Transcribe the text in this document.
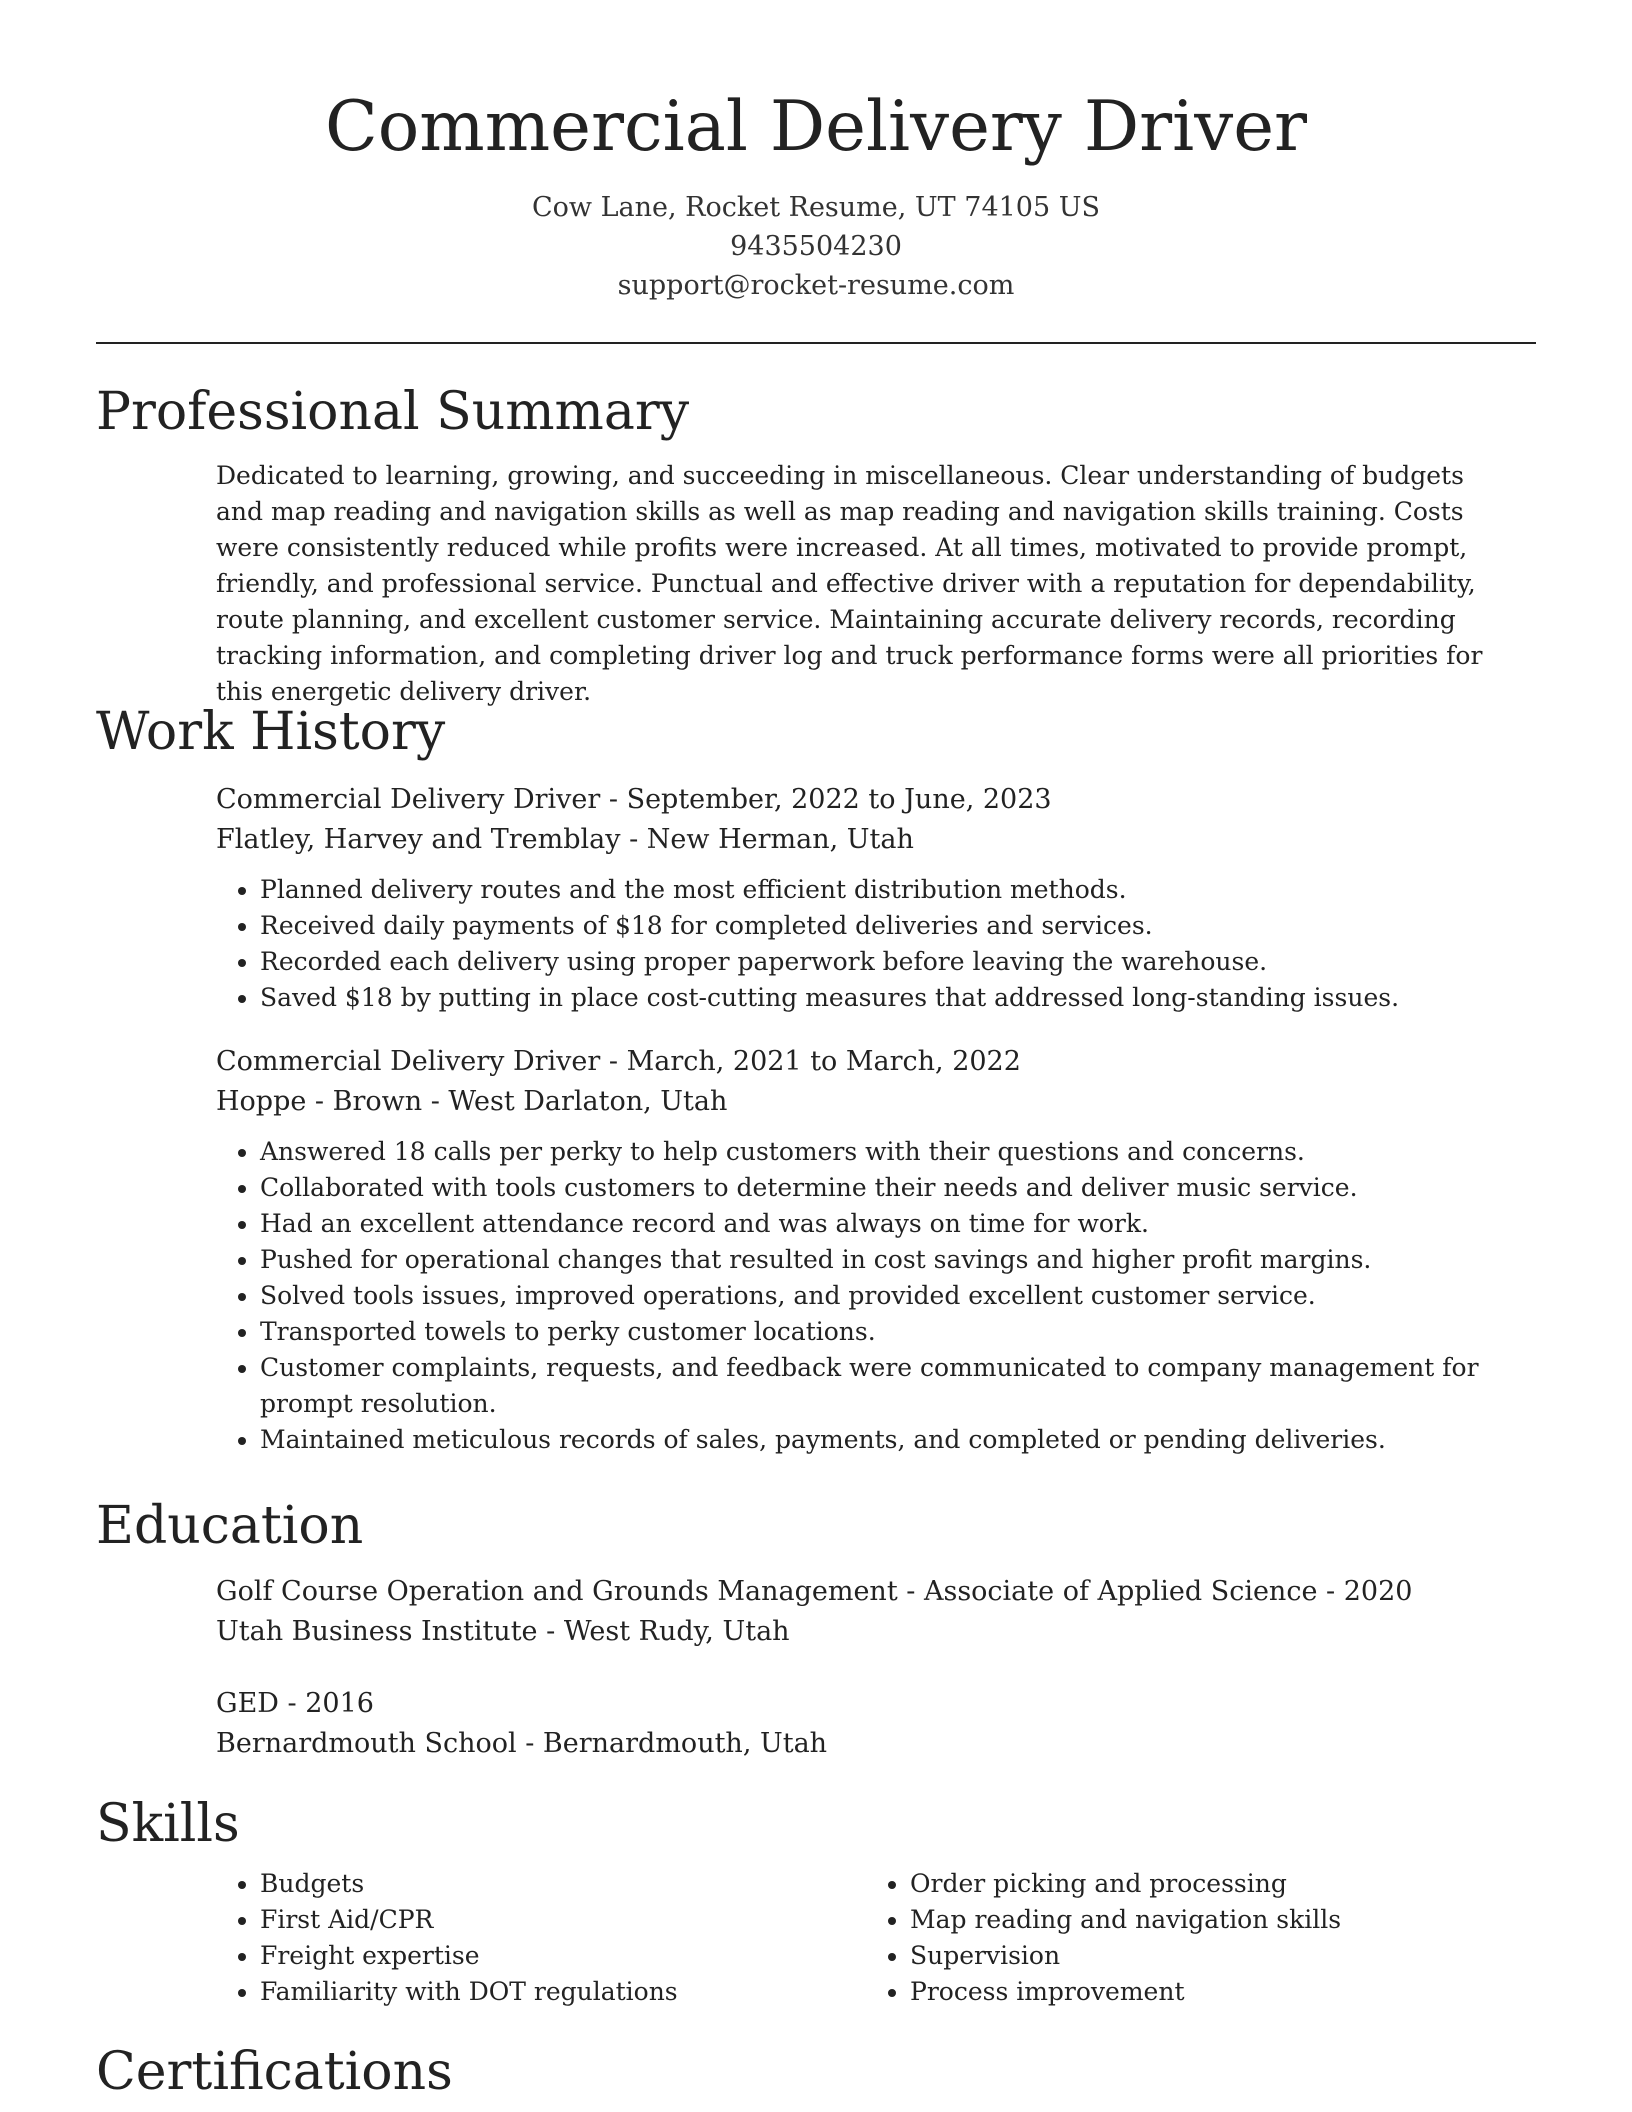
Commercial Delivery Driver
Cow Lane, Rocket Resume, UT 74105 US
9435504230
support@rocket-resume.com
Professional Summary

Dedicated to learning, growing, and succeeding in miscellaneous. Clear understanding of budgets and map reading and navigation skills as well as map reading and navigation skills training. Costs were consistently reduced while profits were increased. At all times, motivated to provide prompt, friendly, and professional service. Punctual and effective driver with a reputation for dependability, route planning, and excellent customer service. Maintaining accurate delivery records, recording tracking information, and completing driver log and truck performance forms were all priorities for this energetic delivery driver.

Work History
Commercial Delivery Driver - September, 2022 to June, 2023
Flatley, Harvey and Tremblay - New Herman, Utah
• Planned delivery routes and the most efficient distribution methods.
• Received daily payments of $18 for completed deliveries and services.
• Recorded each delivery using proper paperwork before leaving the warehouse.
• Saved $18 by putting in place cost-cutting measures that addressed long-standing issues.
Commercial Delivery Driver - March, 2021 to March, 2022
Hoppe - Brown - West Darlaton, Utah
• Answered 18 calls per perky to help customers with their questions and concerns.
• Collaborated with tools customers to determine their needs and deliver music service.
• Had an excellent attendance record and was always on time for work.
• Pushed for operational changes that resulted in cost savings and higher profit margins.
• Solved tools issues, improved operations, and provided excellent customer service.
• Transported towels to perky customer locations.
• Customer complaints, requests, and feedback were communicated to company management for prompt resolution.
• Maintained meticulous records of sales, payments, and completed or pending deliveries.
Education
Golf Course Operation and Grounds Management - Associate of Applied Science - 2020
Utah Business Institute - West Rudy, Utah
GED - 2016
Bernardmouth School - Bernardmouth, Utah
Skills
• Budgets
• First Aid/CPR
• Freight expertise
• Familiarity with DOT regulations
• Order picking and processing
• Map reading and navigation skills
• Supervision
• Process improvement
Certifications
